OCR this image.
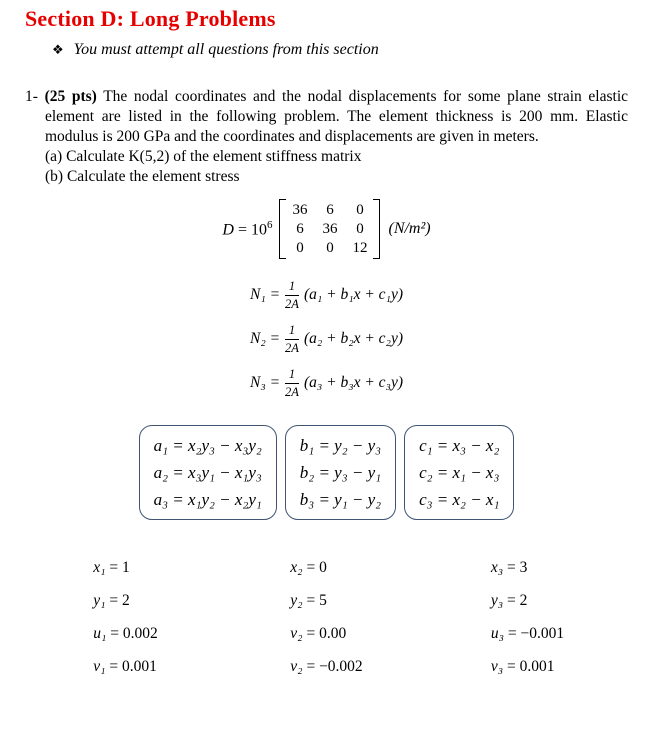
Section D: Long Problems
❖ You must attempt all questions from this section

1- (25 pts) The nodal coordinates and the nodal displacements for some plane strain elastic element are listed in the following problem. The element thickness is 200 mm. Elastic modulus is 200 GPa and the coordinates and displacements are given in meters.

(a) Calculate K(5,2) of the element stiffness matrix
(b) Calculate the element stress
$D = 10^6$
36 6 0
6 36 0
0 0 12
(N/m²)
$N_1 = \frac{1}{2A} (a_1 + b_1x + c_1y)$
$N_2 = \frac{1}{2A} (a_2 + b_2x + c_2y)$
$N_3 = \frac{1}{2A} (a_3 + b_3x + c_3y)$
a₁ = x₂y₃ − x₃y₂
a₂ = x₃y₁ − x₁y₃
a₃ = x₁y₂ − x₂y₁
b₁ = y₂ − y₃
b₂ = y₃ − y₁
b₃ = y₁ − y₂
c₁ = x₃ − x₂
c₂ = x₁ − x₃
c₃ = x₂ − x₁
x₁ = 1
y₁ = 2
u₁ = 0.002
v₁ = 0.001
x₂ = 0
y₂ = 5
v₂ = 0.00
v₂ = −0.002
x₃ = 3
y₃ = 2
u₃ = −0.001
v₃ = 0.001
